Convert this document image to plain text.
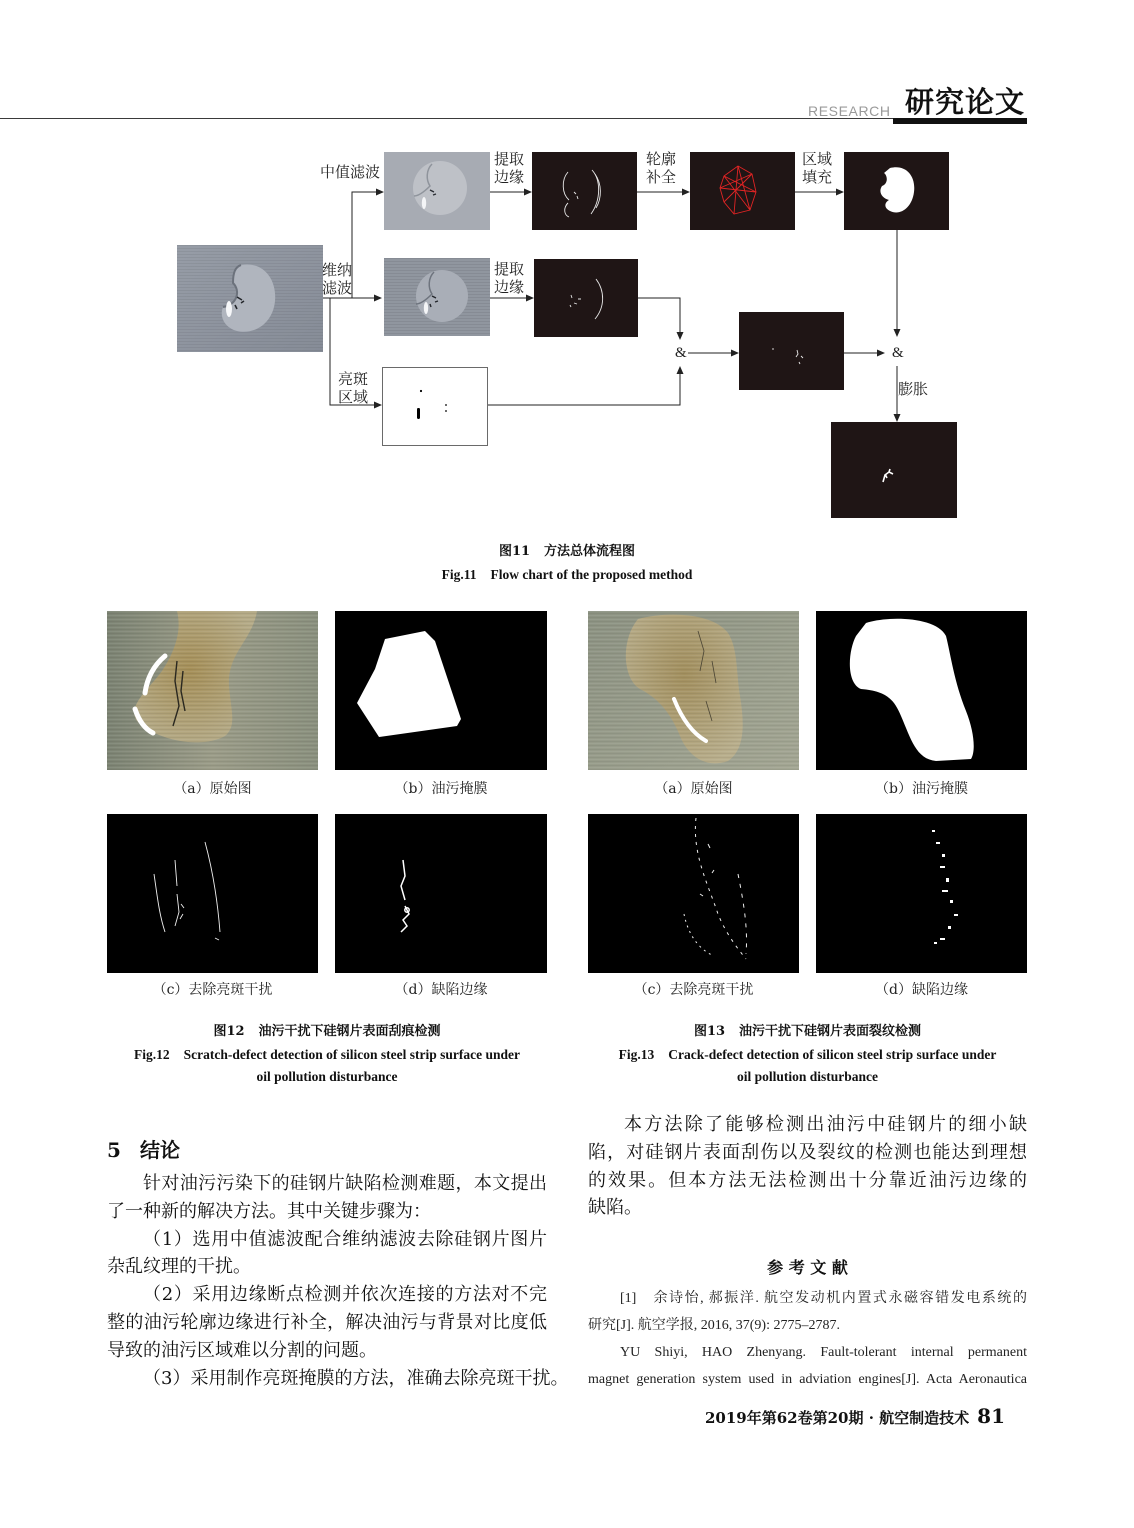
RESEARCH 研究论文
中值滤波
维纳
滤波
亮斑
区域
提取
边缘
提取
边缘
轮廓
补全
区域
填充
&	&
膨胀
图11 方法总体流程图
Fig.11 Flow chart of the proposed method
（a）原始图	（b）油污掩膜
（c）去除亮斑干扰	（d）缺陷边缘
（a）原始图	（b）油污掩膜
（c）去除亮斑干扰	（d）缺陷边缘
图12 油污干扰下硅钢片表面刮痕检测
Fig.12 Scratch-defect detection of silicon steel strip surface under
oil pollution disturbance
图13 油污干扰下硅钢片表面裂纹检测
Fig.13 Crack-defect detection of silicon steel strip surface under
oil pollution disturbance
5 结论
针对油污污染下的硅钢片缺陷检测难题，本文提出
了一种新的解决方法。其中关键步骤为：
（1）选用中值滤波配合维纳滤波去除硅钢片图片
杂乱纹理的干扰。
（2）采用边缘断点检测并依次连接的方法对不完
整的油污轮廓边缘进行补全，解决油污与背景对比度低
导致的油污区域难以分割的问题。
（3）采用制作亮斑掩膜的方法，准确去除亮斑干扰。
本方法除了能够检测出油污中硅钢片的细小缺
陷，对硅钢片表面刮伤以及裂纹的检测也能达到理想
的效果。但本方法无法检测出十分靠近油污边缘的
缺陷。
参 考 文 献
[1]　余诗怡, 郝振洋. 航空发动机内置式永磁容错发电系统的
研究[J]. 航空学报, 2016, 37(9): 2775–2787.
YU Shiyi, HAO Zhenyang. Fault-tolerant internal permanent
magnet generation system used in adviation engines[J]. Acta Aeronautica
2019年第62卷第20期 · 航空制造技术 81
